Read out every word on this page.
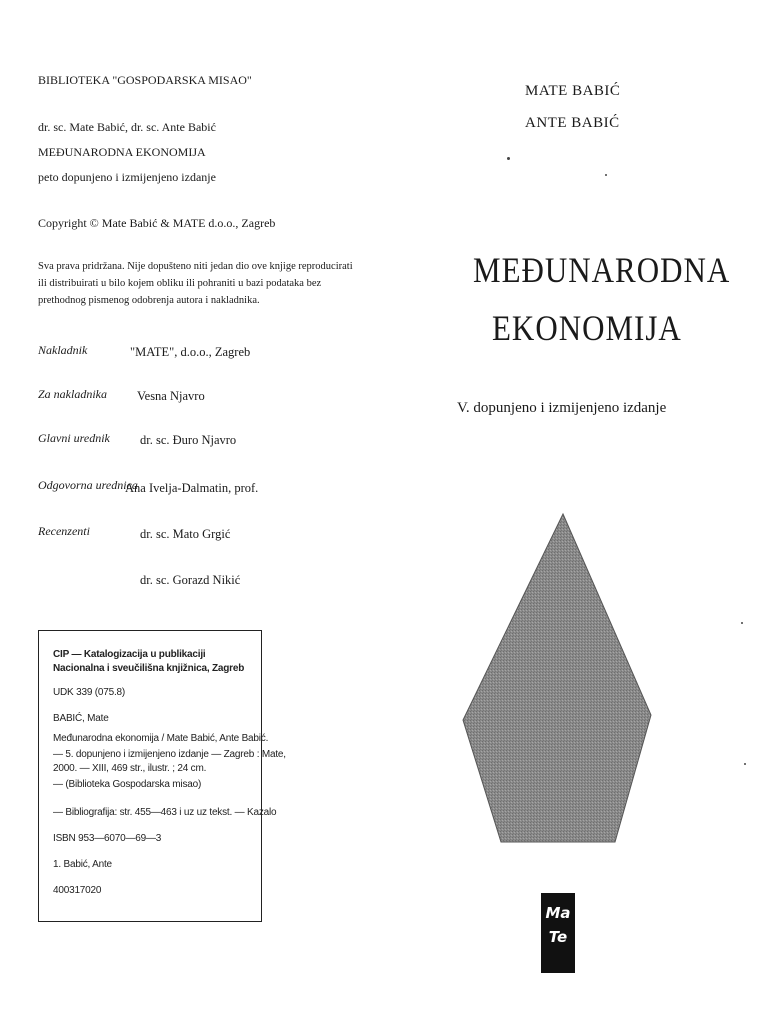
BIBLIOTEKA "GOSPODARSKA MISAO"
dr. sc. Mate Babić, dr. sc. Ante Babić
MEĐUNARODNA EKONOMIJA
peto dopunjeno i izmijenjeno izdanje
Copyright © Mate Babić & MATE d.o.o., Zagreb
Sva prava pridržana. Nije dopušteno niti jedan dio ove knjige reproducirati
ili distribuirati u bilo kojem obliku ili pohraniti u bazi podataka bez
prethodnog pismenog odobrenja autora i nakladnika.
Nakladnik	"MATE", d.o.o., Zagreb
Za nakladnika Vesna Njavro
Glavni urednik dr. sc. Đuro Njavro
Odgovorna urednica
Ana Ivelja-Dalmatin, prof.
Recenzenti	dr. sc. Mato Grgić
dr. sc. Gorazd Nikić
CIP — Katalogizacija u publikaciji
Nacionalna i sveučilišna knjižnica, Zagreb
UDK 339 (075.8)
BABIĆ, Mate
Međunarodna ekonomija / Mate Babić, Ante Babić.
— 5. dopunjeno i izmijenjeno izdanje — Zagreb : Mate,
2000. — XIII, 469 str., ilustr. ; 24 cm.
— (Biblioteka Gospodarska misao)
— Bibliografija: str. 455—463 i uz uz tekst. — Kazalo
ISBN 953—6070—69—3
1. Babić, Ante
400317020
MATE BABIĆ
ANTE BABIĆ
MEĐUNARODNA
EKONOMIJA
V. dopunjeno i izmijenjeno izdanje
Ma
Te
